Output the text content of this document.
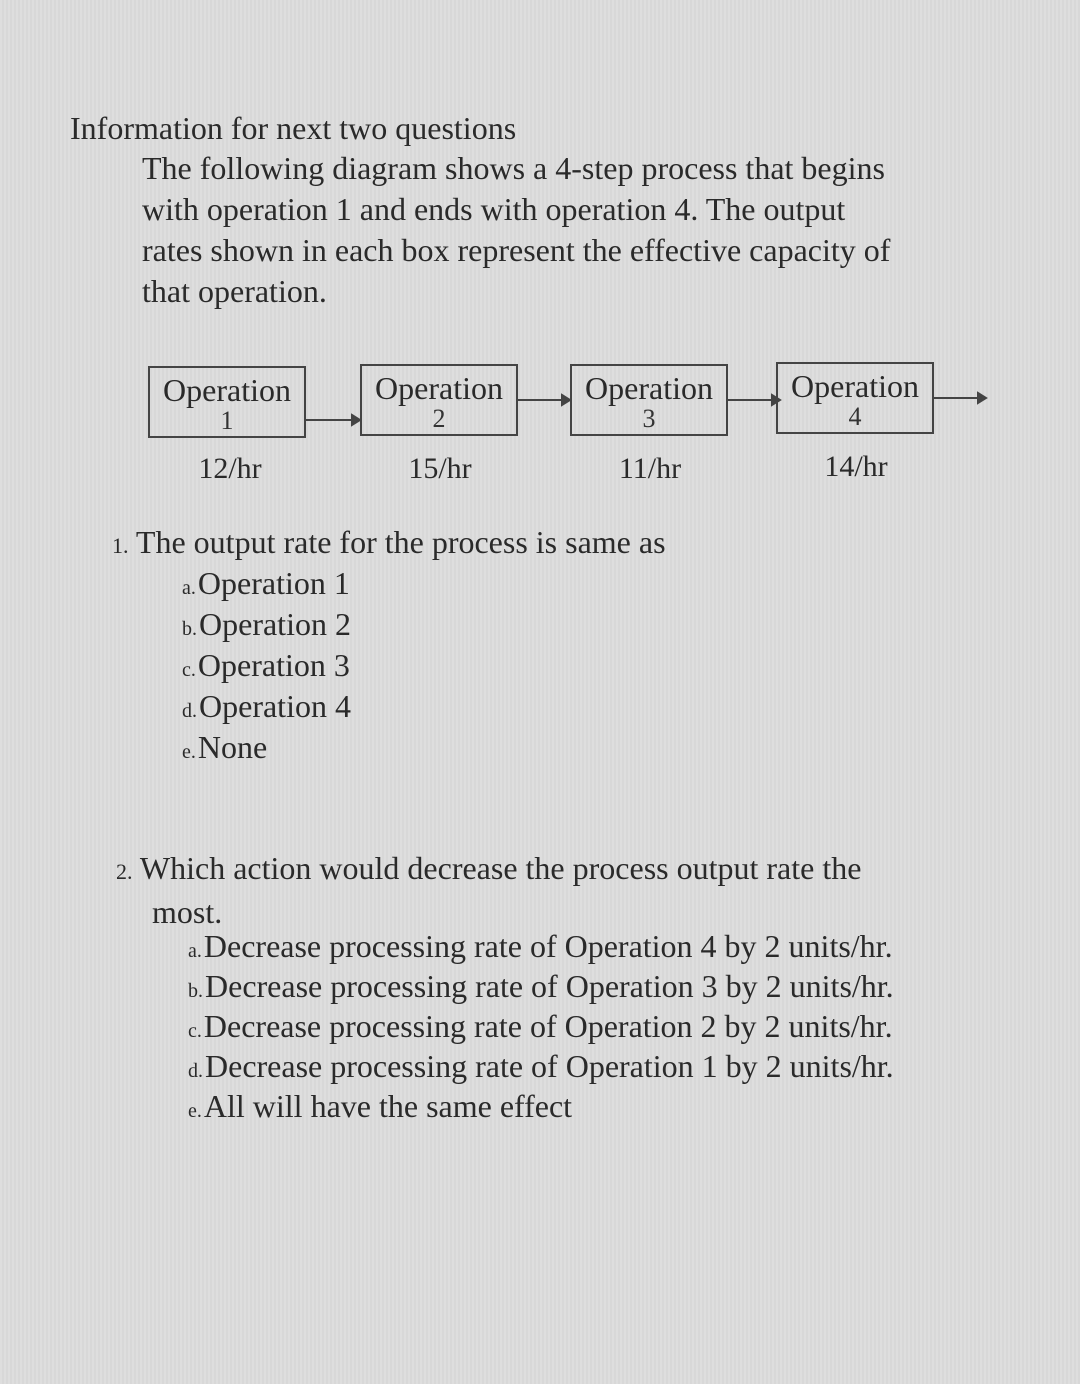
Information for next two questions

The following diagram shows a 4-step process that begins
with operation 1 and ends with operation 4. The output
rates shown in each box represent the effective capacity of
that operation.

Operation
1
Operation
2
Operation
3
Operation
4
12/hr	15/hr	11/hr	14/hr
1. The output rate for the process is same as
a.Operation 1
b.Operation 2
c.Operation 3
d.Operation 4
e.None
2. Which action would decrease the process output rate the
most.
a.Decrease processing rate of Operation 4 by 2 units/hr.
b.Decrease processing rate of Operation 3 by 2 units/hr.
c.Decrease processing rate of Operation 2 by 2 units/hr.
d.Decrease processing rate of Operation 1 by 2 units/hr.
e.All will have the same effect
